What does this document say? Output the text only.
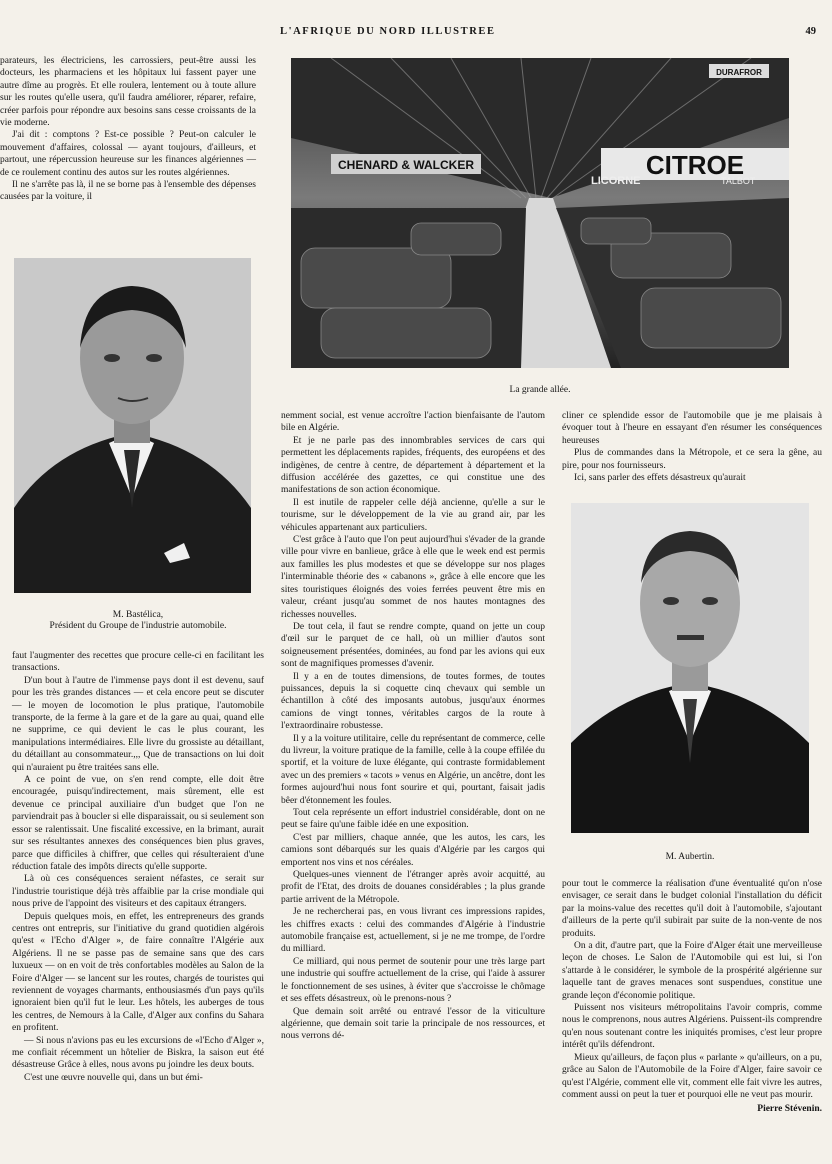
L'AFRIQUE DU NORD ILLUSTREE	49

parateurs, les électriciens, les carrossiers, peut-être aussi les docteurs, les pharmaciens et les hôpitaux lui fassent payer une autre dîme au progrès. Et elle roulera, lentement ou à toute allure sur les routes qu'elle usera, qu'il faudra améliorer, réparer, refaire, créer parfois pour répondre aux besoins sans cesse croissants de la vie moderne.

J'ai dit : comptons ? Est-ce possible ? Peut-on calculer le mouvement d'affaires, colossal — ayant toujours, d'ailleurs, et partout, une répercussion heureuse sur les finances algériennes — de ce roulement continu des autos sur les routes algériennes.

Il ne s'arrête pas là, il ne se borne pas à l'ensemble des dépenses causées par la voiture, il

CHENARD & WALCKER	CITROE
LICORNE	TALBOT
DURAFROR
La grande allée.
M. Bastélica,
Président du Groupe de l'industrie automobile.

faut l'augmenter des recettes que procure celle-ci en facilitant les transactions.

D'un bout à l'autre de l'immense pays dont il est devenu, sauf pour les très grandes distances — et cela encore peut se discuter — le moyen de locomotion le plus pratique, l'automobile transporte, de la ferme à la gare et de la gare au quai, quand elle ne supprime, ce qui devient le cas le plus courant, les manipulations intermédiaires. Elle livre du grossiste au détaillant, du détaillant au consommateur.,,, Que de transactions on lui doit qui n'auraient pu être traitées sans elle.

A ce point de vue, on s'en rend compte, elle doit être encouragée, puisqu'indirectement, mais sûrement, elle est devenue ce principal auxiliaire d'un budget que l'on ne parviendrait pas à boucler si elle disparaissait, ou si seulement son essor se ralentissait. Une fiscalité excessive, en la brimant, aurait sur ses résultantes annexes des conséquences bien plus graves, parce que difficiles à chiffrer, que celles qui résulteraient d'une réduction fatale des impôts directs qu'elle supporte.

Là où ces conséquences seraient néfastes, ce serait sur l'industrie touristique déjà très affaiblie par la crise mondiale qui nous prive de l'appoint des visiteurs et des capitaux étrangers.

Depuis quelques mois, en effet, les entrepreneurs des grands centres ont entrepris, sur l'initiative du grand quotidien algérois qu'est « l'Echo d'Alger », de faire connaître l'Algérie aux Algériens. Il ne se passe pas de semaine sans que des cars luxueux — on en voit de très confortables modèles au Salon de la Foire d'Alger — se lancent sur les routes, chargés de touristes qui reviennent de voyages charmants, enthousiasmés d'un pays qu'ils ignoraient bien qu'il fut le leur. Les hôtels, les auberges de tous les centres, de Nemours à la Calle, d'Alger aux confins du Sahara en profitent.

— Si nous n'avions pas eu les excursions de «l'Echo d'Alger », me confiait récemment un hôtelier de Biskra, la saison eut été désastreuse Grâce à elles, nous avons pu joindre les deux bouts.

C'est une œuvre nouvelle qui, dans un but émi-

nemment social, est venue accroître l'action bienfaisante de l'autom bile en Algérie.

Et je ne parle pas des innombrables services de cars qui permettent les déplacements rapides, fréquents, des européens et des indigènes, de centre à centre, de département à département et la diffusion accélérée des gazettes, ce qui constitue une des manifestations de son action économique.

Il est inutile de rappeler celle déjà ancienne, qu'elle a sur le tourisme, sur le développement de la vie au grand air, par les véhicules appartenant aux particuliers.

C'est grâce à l'auto que l'on peut aujourd'hui s'évader de la grande ville pour vivre en banlieue, grâce à elle que le week end est permis aux familles les plus modestes et que se développe sur nos plages l'interminable théorie des « cabanons », grâce à elle encore que les sites touristiques éloignés des voies ferrées peuvent être mis en valeur, créant jusqu'au sommet de nos hautes montagnes des richesses nouvelles.

De tout cela, il faut se rendre compte, quand on jette un coup d'œil sur le parquet de ce hall, où un millier d'autos sont soigneusement présentées, dominées, au fond par les avions qui eux sont de magnifiques promesses d'avenir.

Il y a en de toutes dimensions, de toutes formes, de toutes puissances, depuis la si coquette cinq chevaux qui semble un échantillon à côté des imposants autobus, jusqu'aux énormes camions de vingt tonnes, véritables cargos de la route à l'extraordinaire robustesse.

Il y a la voiture utilitaire, celle du représentant de commerce, celle du livreur, la voiture pratique de la famille, celle à la coupe effilée du sportif, et la voiture de luxe élégante, qui contraste formidablement avec un des premiers « tacots » venus en Algérie, un ancêtre, dont les formes aujourd'hui nous font sourire et qui, pourtant, faisait jadis bêer d'étonnement les foules.

Tout cela représente un effort industriel considérable, dont on ne peut se faire qu'une faible idée en une exposition.

C'est par milliers, chaque année, que les autos, les cars, les camions sont débarqués sur les quais d'Algérie par les cargos qui emportent nos vins et nos céréales.

Quelques-unes viennent de l'étranger après avoir acquitté, au profit de l'Etat, des droits de douanes considérables ; la plus grande partie arrivent de la Métropole.

Je ne rechercherai pas, en vous livrant ces impressions rapides, les chiffres exacts : celui des commandes d'Algérie à l'industrie automobile française est, actuellement, si je ne me trompe, de l'ordre du milliard.

Ce milliard, qui nous permet de soutenir pour une très large part une industrie qui souffre actuellement de la crise, qui l'aide à assurer le fonctionnement de ses usines, à éviter que s'accroisse le chômage et ses effets désastreux, où le prenons-nous ?

Que demain soit arrêté ou entravé l'essor de la viticulture algérienne, que demain soit tarie la principale de nos ressources, et nous verrons dé-

cliner ce splendide essor de l'automobile que je me plaisais à évoquer tout à l'heure en essayant d'en résumer les conséquences heureuses

Plus de commandes dans la Métropole, et ce sera la gêne, au pire, pour nos fournisseurs.

Ici, sans parler des effets désastreux qu'aurait

M. Aubertin.

pour tout le commerce la réalisation d'une éventualité qu'on n'ose envisager, ce serait dans le budget colonial l'installation du déficit par la moins-value des recettes qu'il doit à l'automobile, s'ajoutant d'ailleurs de la perte qu'il subirait par suite de la non-vente de nos produits.

On a dit, d'autre part, que la Foire d'Alger était une merveilleuse leçon de choses. Le Salon de l'Automobile qui est lui, si l'on s'attarde à le considérer, le symbole de la prospérité algérienne sur laquelle tant de graves menaces sont suspendues, constitue une grande leçon d'économie politique.

Puissent nos visiteurs métropolitains l'avoir compris, comme nous le comprenons, nous autres Algériens. Puissent-ils comprendre qu'en nous soutenant contre les iniquités promises, c'est leur propre intérêt qu'ils défendront.

Mieux qu'ailleurs, de façon plus « parlante » qu'ailleurs, on a pu, grâce au Salon de l'Automobile de la Foire d'Alger, faire savoir ce qu'est l'Algérie, comment elle vit, comment elle fait vivre les autres, comment aussi on peut la tuer et pourquoi elle ne veut pas mourir.

Pierre Stévenin.
